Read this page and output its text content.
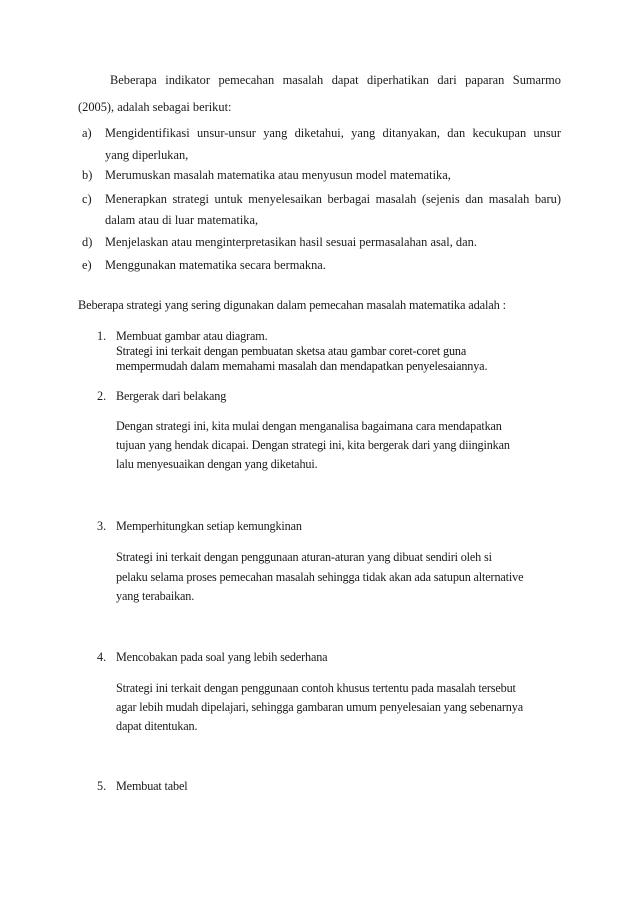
Beberapa indikator pemecahan masalah dapat diperhatikan dari paparan Sumarmo
(2005), adalah sebagai berikut:
a) Mengidentifikasi unsur-unsur yang diketahui, yang ditanyakan, dan kecukupan unsur
yang diperlukan,
b) Merumuskan masalah matematika atau menyusun model matematika,
c) Menerapkan strategi untuk menyelesaikan berbagai masalah (sejenis dan masalah baru)
dalam atau di luar matematika,
d) Menjelaskan atau menginterpretasikan hasil sesuai permasalahan asal, dan.
e) Menggunakan matematika secara bermakna.
Beberapa strategi yang sering digunakan dalam pemecahan masalah matematika adalah :
1. Membuat gambar atau diagram.
Strategi ini terkait dengan pembuatan sketsa atau gambar coret-coret guna
mempermudah dalam memahami masalah dan mendapatkan penyelesaiannya.
2. Bergerak dari belakang
Dengan strategi ini, kita mulai dengan menganalisa bagaimana cara mendapatkan
tujuan yang hendak dicapai. Dengan strategi ini, kita bergerak dari yang diinginkan
lalu menyesuaikan dengan yang diketahui.
3. Memperhitungkan setiap kemungkinan
Strategi ini terkait dengan penggunaan aturan-aturan yang dibuat sendiri oleh si
pelaku selama proses pemecahan masalah sehingga tidak akan ada satupun alternative
yang terabaikan.
4. Mencobakan pada soal yang lebih sederhana
Strategi ini terkait dengan penggunaan contoh khusus tertentu pada masalah tersebut
agar lebih mudah dipelajari, sehingga gambaran umum penyelesaian yang sebenarnya
dapat ditentukan.
5. Membuat tabel
